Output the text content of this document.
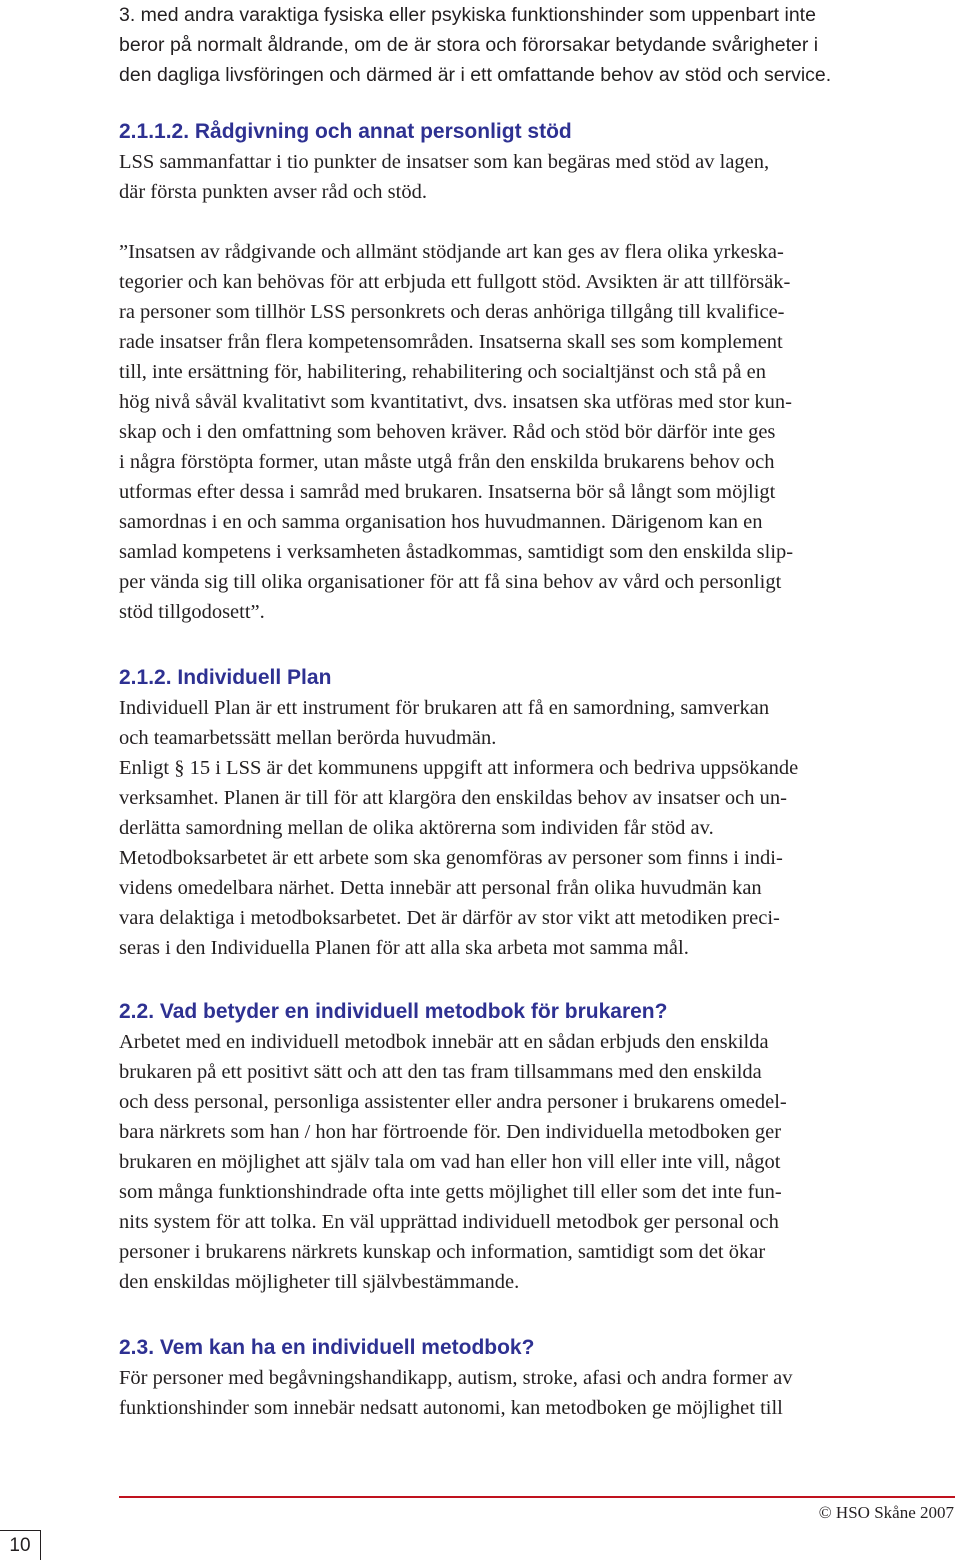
3. med andra varaktiga fysiska eller psykiska funktionshinder som uppenbart inte
beror på normalt åldrande, om de är stora och förorsakar betydande svårigheter i
den dagliga livsföringen och därmed är i ett omfattande behov av stöd och service.
2.1.1.2. Rådgivning och annat personligt stöd
LSS sammanfattar i tio punkter de insatser som kan begäras med stöd av lagen,
där första punkten avser råd och stöd.
”Insatsen av rådgivande och allmänt stödjande art kan ges av flera olika yrkeska-
tegorier och kan behövas för att erbjuda ett fullgott stöd. Avsikten är att tillförsäk-
ra personer som tillhör LSS personkrets och deras anhöriga tillgång till kvalifice-
rade insatser från flera kompetensområden. Insatserna skall ses som komplement
till, inte ersättning för, habilitering, rehabilitering och socialtjänst och stå på en
hög nivå såväl kvalitativt som kvantitativt, dvs. insatsen ska utföras med stor kun-
skap och i den omfattning som behoven kräver. Råd och stöd bör därför inte ges
i några förstöpta former, utan måste utgå från den enskilda brukarens behov och
utformas efter dessa i samråd med brukaren. Insatserna bör så långt som möjligt
samordnas i en och samma organisation hos huvudmannen. Därigenom kan en
samlad kompetens i verksamheten åstadkommas, samtidigt som den enskilda slip-
per vända sig till olika organisationer för att få sina behov av vård och personligt
stöd tillgodosett”.
2.1.2. Individuell Plan
Individuell Plan är ett instrument för brukaren att få en samordning, samverkan
och teamarbetssätt mellan berörda huvudmän.
Enligt § 15 i LSS är det kommunens uppgift att informera och bedriva uppsökande
verksamhet. Planen är till för att klargöra den enskildas behov av insatser och un-
derlätta samordning mellan de olika aktörerna som individen får stöd av.
Metodboksarbetet är ett arbete som ska genomföras av personer som finns i indi-
videns omedelbara närhet. Detta innebär att personal från olika huvudmän kan
vara delaktiga i metodboksarbetet. Det är därför av stor vikt att metodiken preci-
seras i den Individuella Planen för att alla ska arbeta mot samma mål.
2.2. Vad betyder en individuell metodbok för brukaren?
Arbetet med en individuell metodbok innebär att en sådan erbjuds den enskilda
brukaren på ett positivt sätt och att den tas fram tillsammans med den enskilda
och dess personal, personliga assistenter eller andra personer i brukarens omedel-
bara närkrets som han / hon har förtroende för. Den individuella metodboken ger
brukaren en möjlighet att själv tala om vad han eller hon vill eller inte vill, något
som många funktionshindrade ofta inte getts möjlighet till eller som det inte fun-
nits system för att tolka. En väl upprättad individuell metodbok ger personal och
personer i brukarens närkrets kunskap och information, samtidigt som det ökar
den enskildas möjligheter till självbestämmande.
2.3. Vem kan ha en individuell metodbok?
För personer med begåvningshandikapp, autism, stroke, afasi och andra former av
funktionshinder som innebär nedsatt autonomi, kan metodboken ge möjlighet till
© HSO Skåne 2007
10
